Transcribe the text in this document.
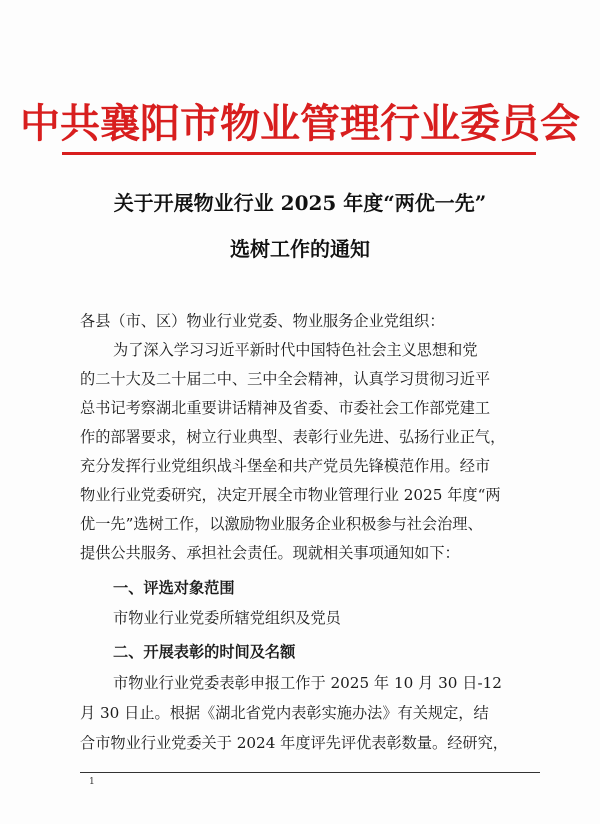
中共襄阳市物业管理行业委员会
关于开展物业行业 2025 年度“两优一先”
选树工作的通知
各县（市、区）物业行业党委、物业服务企业党组织：
为了深入学习习近平新时代中国特色社会主义思想和党
的二十大及二十届二中、三中全会精神，认真学习贯彻习近平
总书记考察湖北重要讲话精神及省委、市委社会工作部党建工
作的部署要求，树立行业典型、表彰行业先进、弘扬行业正气，
充分发挥行业党组织战斗堡垒和共产党员先锋模范作用。经市
物业行业党委研究，决定开展全市物业管理行业 2025 年度“两
优一先”选树工作，以激励物业服务企业积极参与社会治理、
提供公共服务、承担社会责任。现就相关事项通知如下：
一、评选对象范围
市物业行业党委所辖党组织及党员
二、开展表彰的时间及名额
市物业行业党委表彰申报工作于 2025 年 10 月 30 日-12
月 30 日止。根据《湖北省党内表彰实施办法》有关规定，结
合市物业行业党委关于 2024 年度评先评优表彰数量。经研究，
1
